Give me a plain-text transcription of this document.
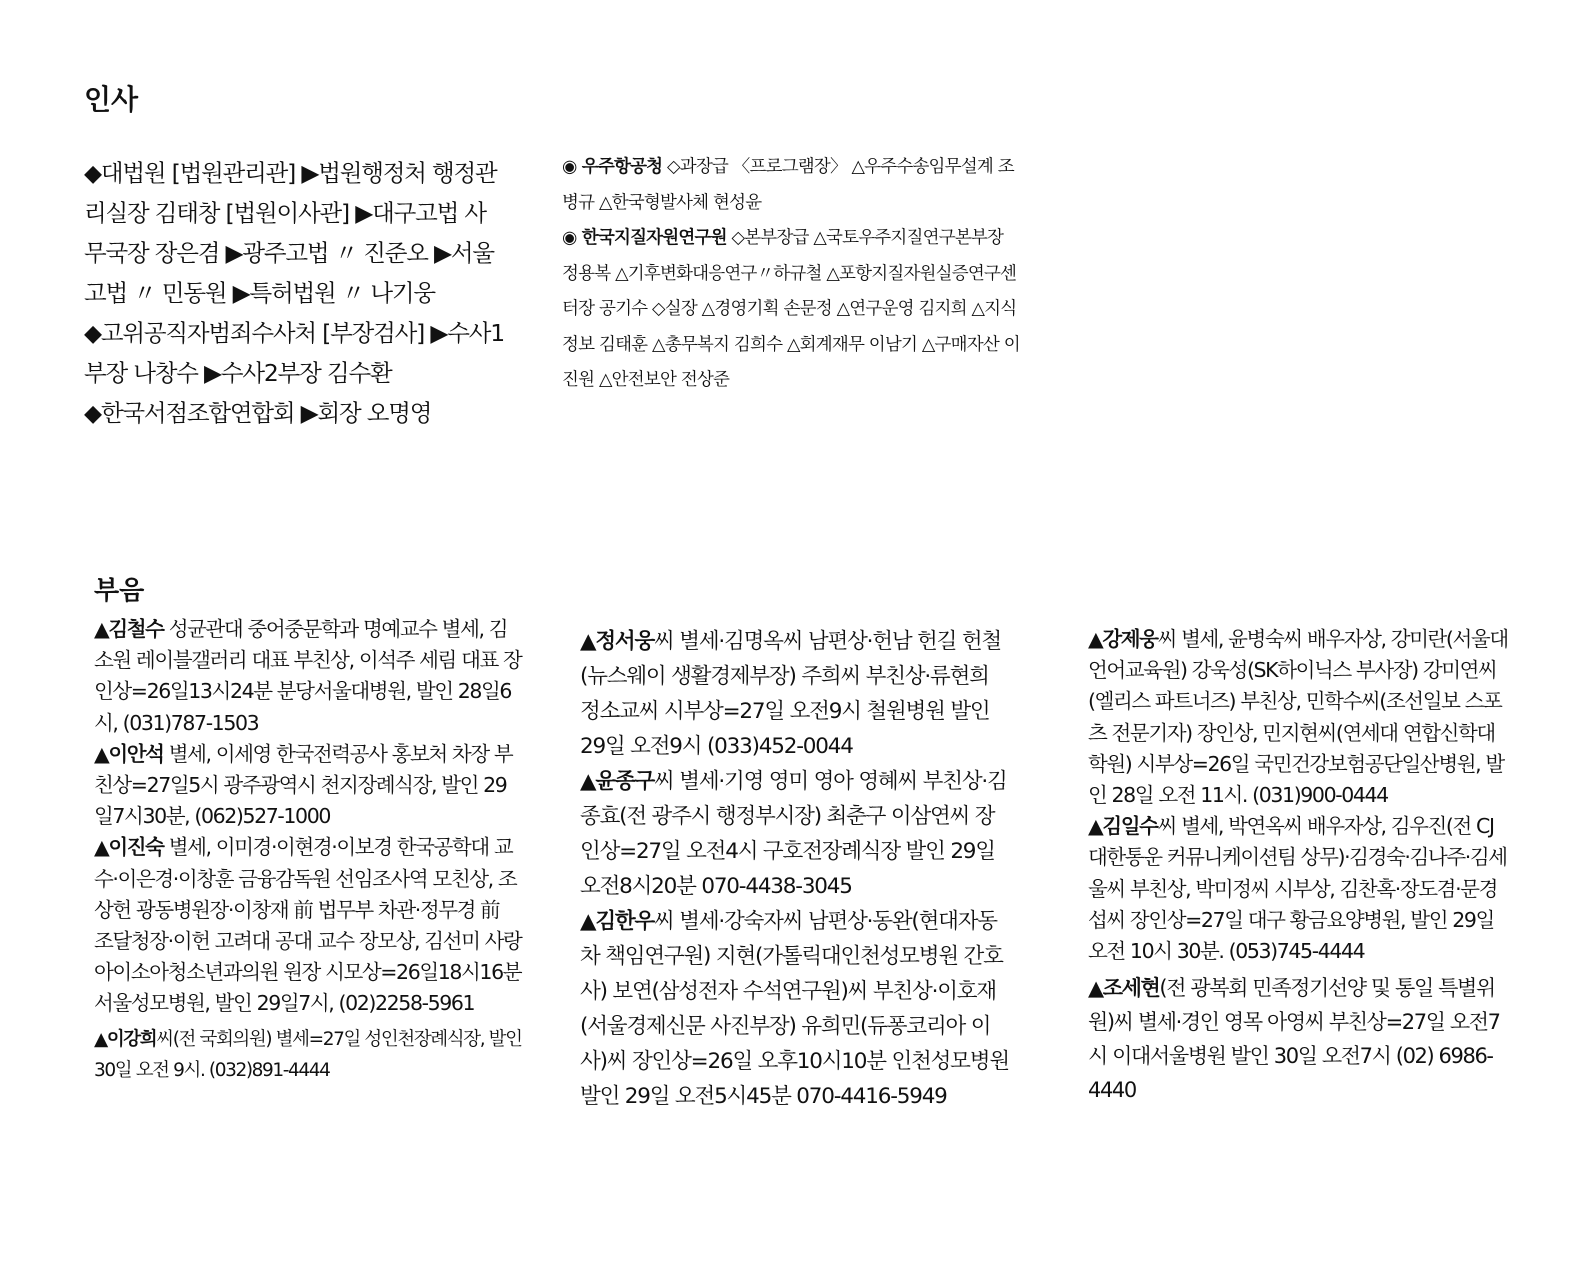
인사

◆대법원 [법원관리관] ▶법원행정처 행정관리실장 김태창 [법원이사관] ▶대구고법 사무국장 장은겸 ▶광주고법 〃 진준오 ▶서울고법 〃 민동원 ▶특허법원 〃 나기웅

◆고위공직자범죄수사처 [부장검사] ▶수사1부장 나창수 ▶수사2부장 김수환

◆한국서점조합연합회 ▶회장 오명영

◉ 우주항공청 ◇과장급 〈프로그램장〉 △우주수송임무설계 조병규 △한국형발사체 현성윤

◉ 한국지질자원연구원 ◇본부장급 △국토우주지질연구본부장 정용복 △기후변화대응연구〃하규철 △포항지질자원실증연구센터장 공기수 ◇실장 △경영기획 손문정 △연구운영 김지희 △지식정보 김태훈 △총무복지 김희수 △회계재무 이남기 △구매자산 이진원 △안전보안 전상준

부음

▲김철수 성균관대 중어중문학과 명예교수 별세, 김소원 레이블갤러리 대표 부친상, 이석주 세림 대표 장인상=26일13시24분 분당서울대병원, 발인 28일6시, (031)787-1503

▲이안석 별세, 이세영 한국전력공사 홍보처 차장 부친상=27일5시 광주광역시 천지장례식장, 발인 29일7시30분, (062)527-1000

▲이진숙 별세, 이미경·이현경·이보경 한국공학대 교수·이은경·이창훈 금융감독원 선임조사역 모친상, 조상헌 광동병원장·이창재 前 법무부 차관·정무경 前 조달청장·이헌 고려대 공대 교수 장모상, 김선미 사랑아이소아청소년과의원 원장 시모상=26일18시16분 서울성모병원, 발인 29일7시, (02)2258-5961

▲이강희씨(전 국회의원) 별세=27일 성인천장례식장, 발인 30일 오전 9시. (032)891-4444

▲정서웅씨 별세·김명옥씨 남편상·헌남 헌길 헌철(뉴스웨이 생활경제부장) 주희씨 부친상·류현희 정소교씨 시부상=27일 오전9시 철원병원 발인 29일 오전9시 (033)452-0044

▲윤종구씨 별세·기영 영미 영아 영혜씨 부친상·김종효(전 광주시 행정부시장) 최춘구 이삼연씨 장인상=27일 오전4시 구호전장례식장 발인 29일 오전8시20분 070-4438-3045

▲김한우씨 별세·강숙자씨 남편상·동완(현대자동차 책임연구원) 지현(가톨릭대인천성모병원 간호사) 보연(삼성전자 수석연구원)씨 부친상·이호재(서울경제신문 사진부장) 유희민(듀퐁코리아 이사)씨 장인상=26일 오후10시10분 인천성모병원 발인 29일 오전5시45분 070-4416-5949

▲강제웅씨 별세, 윤병숙씨 배우자상, 강미란(서울대 언어교육원) 강욱성(SK하이닉스 부사장) 강미연씨(엘리스 파트너즈) 부친상, 민학수씨(조선일보 스포츠 전문기자) 장인상, 민지현씨(연세대 연합신학대학원) 시부상=26일 국민건강보험공단일산병원, 발인 28일 오전 11시. (031)900-0444

▲김일수씨 별세, 박연옥씨 배우자상, 김우진(전 CJ대한통운 커뮤니케이션팀 상무)·김경숙·김나주·김세울씨 부친상, 박미정씨 시부상, 김찬혹·장도겸·문경섭씨 장인상=27일 대구 황금요양병원, 발인 29일 오전 10시 30분. (053)745-4444

▲조세현(전 광복회 민족정기선양 및 통일 특별위원)씨 별세·경인 영목 아영씨 부친상=27일 오전7시 이대서울병원 발인 30일 오전7시 (02) 6986-4440
